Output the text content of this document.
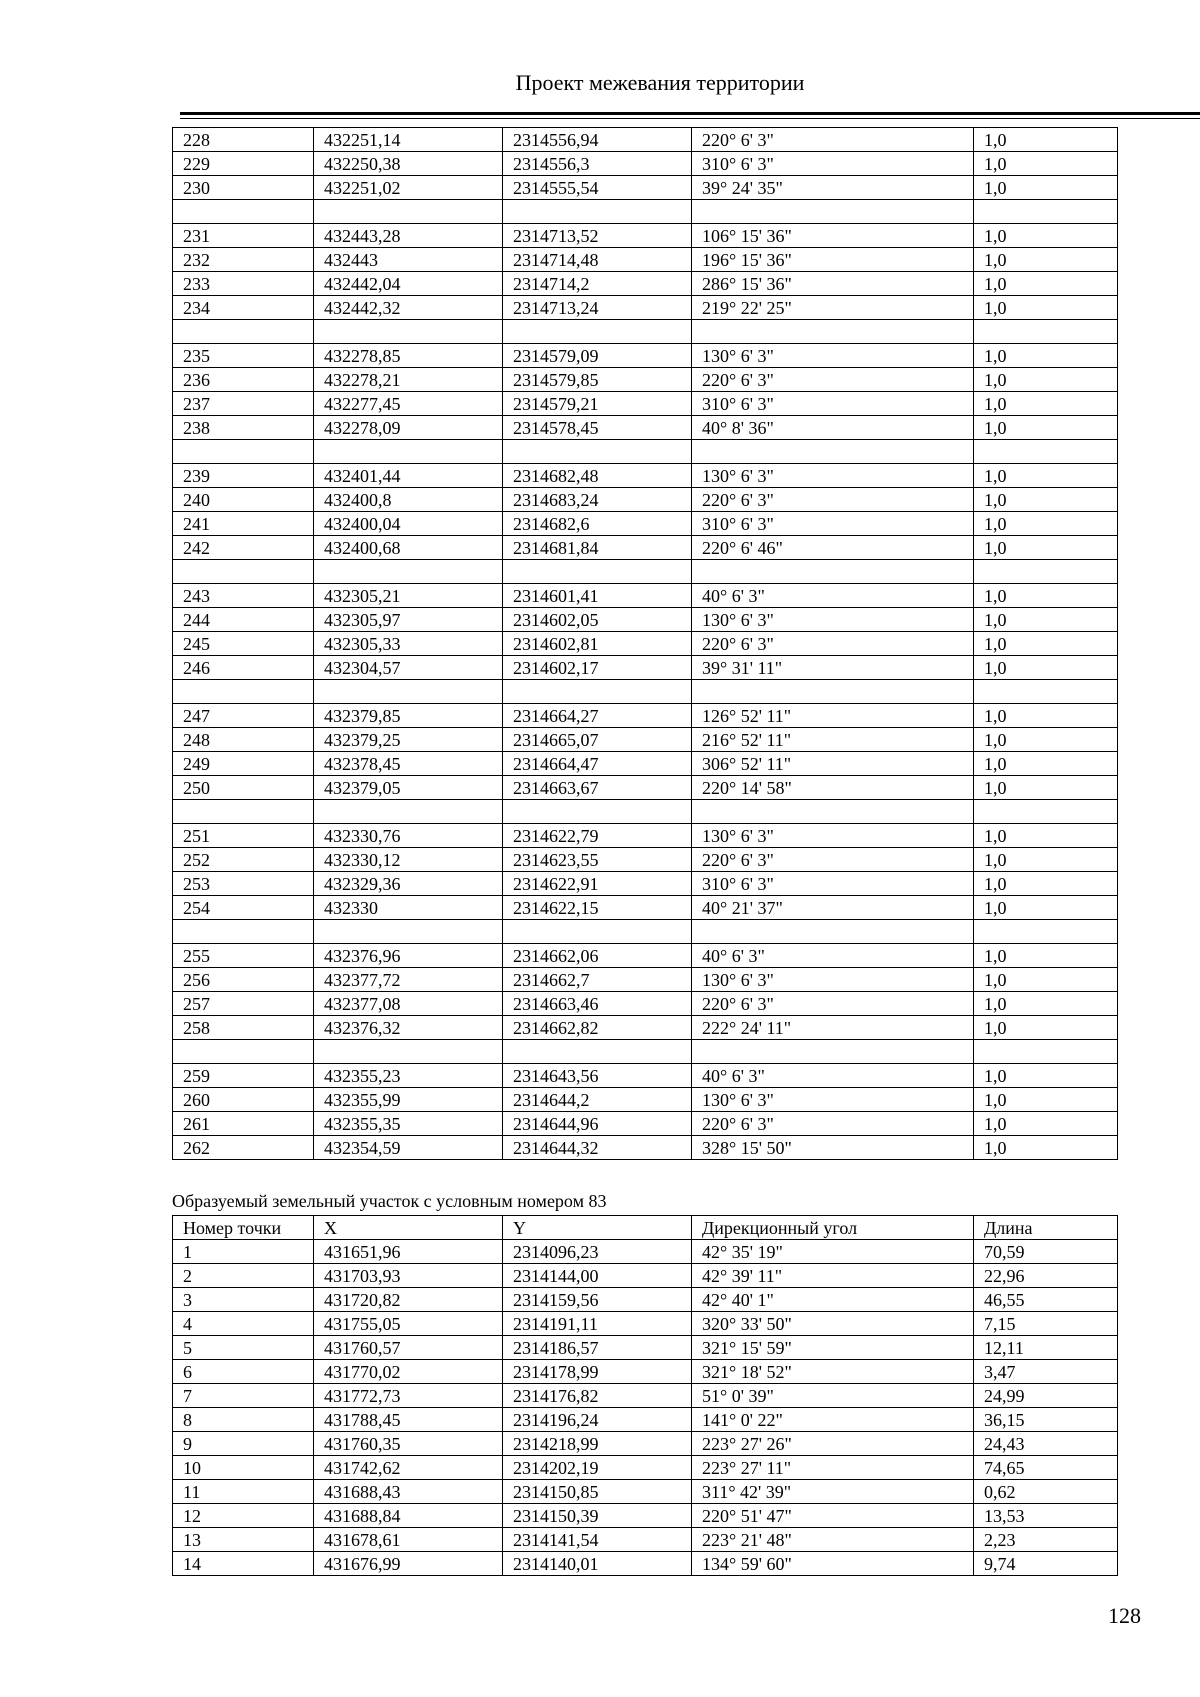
Проект межевания территории
228	432251,14	2314556,94	220° 6' 3"	1,0
229	432250,38	2314556,3	310° 6' 3"	1,0
230	432251,02	2314555,54	39° 24' 35"	1,0

231	432443,28	2314713,52	106° 15' 36"	1,0
232	432443	2314714,48	196° 15' 36"	1,0
233	432442,04	2314714,2	286° 15' 36"	1,0
234	432442,32	2314713,24	219° 22' 25"	1,0

235	432278,85	2314579,09	130° 6' 3"	1,0
236	432278,21	2314579,85	220° 6' 3"	1,0
237	432277,45	2314579,21	310° 6' 3"	1,0
238	432278,09	2314578,45	40° 8' 36"	1,0

239	432401,44	2314682,48	130° 6' 3"	1,0
240	432400,8	2314683,24	220° 6' 3"	1,0
241	432400,04	2314682,6	310° 6' 3"	1,0
242	432400,68	2314681,84	220° 6' 46"	1,0

243	432305,21	2314601,41	40° 6' 3"	1,0
244	432305,97	2314602,05	130° 6' 3"	1,0
245	432305,33	2314602,81	220° 6' 3"	1,0
246	432304,57	2314602,17	39° 31' 11"	1,0

247	432379,85	2314664,27	126° 52' 11"	1,0
248	432379,25	2314665,07	216° 52' 11"	1,0
249	432378,45	2314664,47	306° 52' 11"	1,0
250	432379,05	2314663,67	220° 14' 58"	1,0

251	432330,76	2314622,79	130° 6' 3"	1,0
252	432330,12	2314623,55	220° 6' 3"	1,0
253	432329,36	2314622,91	310° 6' 3"	1,0
254	432330	2314622,15	40° 21' 37"	1,0

255	432376,96	2314662,06	40° 6' 3"	1,0
256	432377,72	2314662,7	130° 6' 3"	1,0
257	432377,08	2314663,46	220° 6' 3"	1,0
258	432376,32	2314662,82	222° 24' 11"	1,0

259	432355,23	2314643,56	40° 6' 3"	1,0
260	432355,99	2314644,2	130° 6' 3"	1,0
261	432355,35	2314644,96	220° 6' 3"	1,0
262	432354,59	2314644,32	328° 15' 50"	1,0
Образуемый земельный участок с условным номером 83
Номер точки	X	Y	Дирекционный угол	Длина
1	431651,96	2314096,23	42° 35' 19"	70,59
2	431703,93	2314144,00	42° 39' 11"	22,96
3	431720,82	2314159,56	42° 40' 1"	46,55
4	431755,05	2314191,11	320° 33' 50"	7,15
5	431760,57	2314186,57	321° 15' 59"	12,11
6	431770,02	2314178,99	321° 18' 52"	3,47
7	431772,73	2314176,82	51° 0' 39"	24,99
8	431788,45	2314196,24	141° 0' 22"	36,15
9	431760,35	2314218,99	223° 27' 26"	24,43
10	431742,62	2314202,19	223° 27' 11"	74,65
11	431688,43	2314150,85	311° 42' 39"	0,62
12	431688,84	2314150,39	220° 51' 47"	13,53
13	431678,61	2314141,54	223° 21' 48"	2,23
14	431676,99	2314140,01	134° 59' 60"	9,74
128
